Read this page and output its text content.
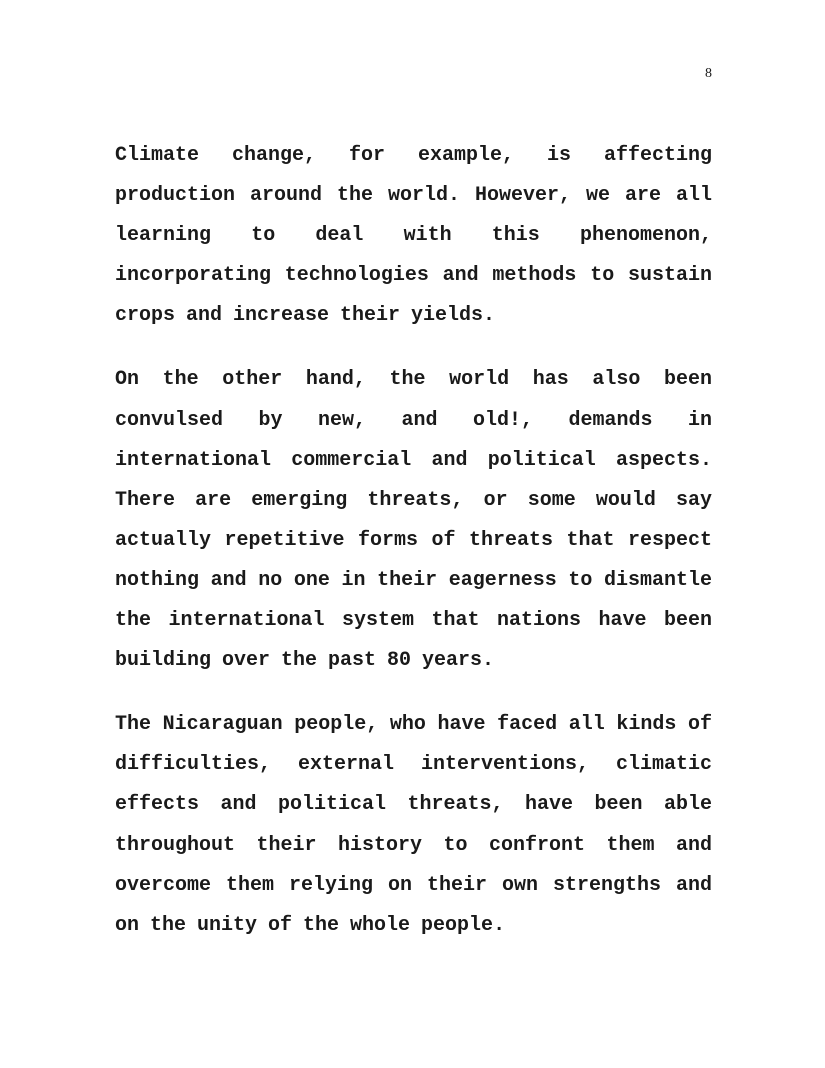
8

Climate change, for example, is affecting production around the world. However, we are all learning to deal with this phenomenon, incorporating technologies and methods to sustain crops and increase their yields.

On the other hand, the world has also been convulsed by new, and old!, demands in international commercial and political aspects. There are emerging threats, or some would say actually repetitive forms of threats that respect nothing and no one in their eagerness to dismantle the international system that nations have been building over the past 80 years.

The Nicaraguan people, who have faced all kinds of difficulties, external interventions, climatic effects and political threats, have been able throughout their history to confront them and overcome them relying on their own strengths and on the unity of the whole people.
